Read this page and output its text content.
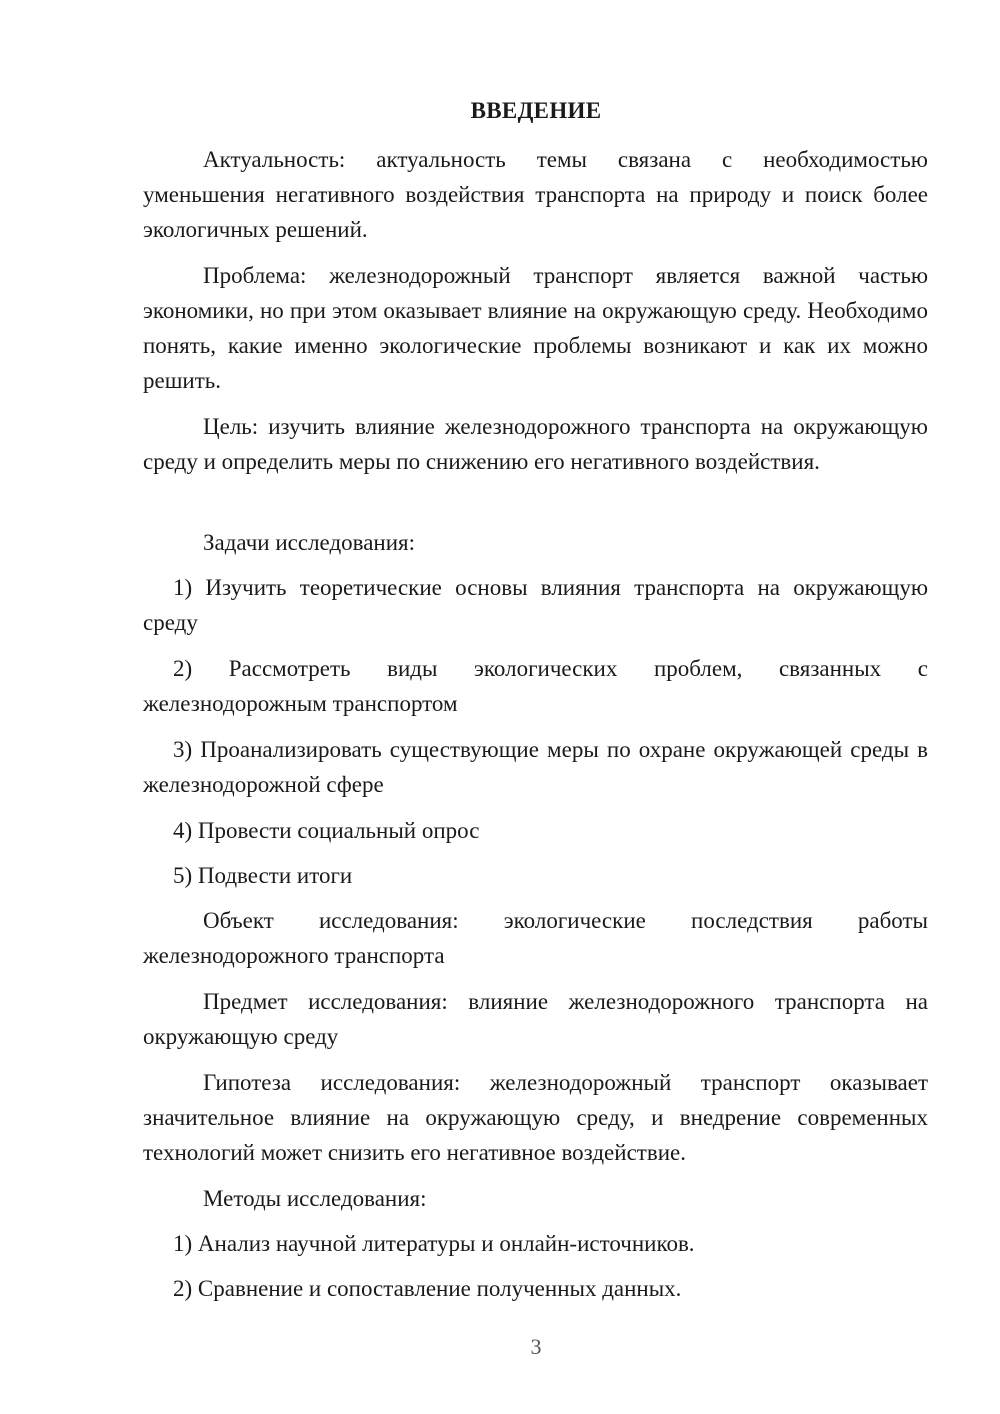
ВВЕДЕНИЕ
Актуальность: актуальность темы связана с необходимостью уменьшения негативного воздействия транспорта на природу и поиск более экологичных решений.
Проблема: железнодорожный транспорт является важной частью экономики, но при этом оказывает влияние на окружающую среду. Необходимо понять, какие именно экологические проблемы возникают и как их можно решить.
Цель: изучить влияние железнодорожного транспорта на окружающую среду и определить меры по снижению его негативного воздействия.
Задачи исследования:
1) Изучить теоретические основы влияния транспорта на окружающую среду
2) Рассмотреть виды экологических проблем, связанных с железнодорожным транспортом
3) Проанализировать существующие меры по охране окружающей среды в железнодорожной сфере
4) Провести социальный опрос
5) Подвести итоги
Объект исследования: экологические последствия работы железнодорожного транспорта
Предмет исследования: влияние железнодорожного транспорта на окружающую среду
Гипотеза исследования: железнодорожный транспорт оказывает значительное влияние на окружающую среду, и внедрение современных технологий может снизить его негативное воздействие.
Методы исследования:
1) Анализ научной литературы и онлайн-источников.
2) Сравнение и сопоставление полученных данных.
3
